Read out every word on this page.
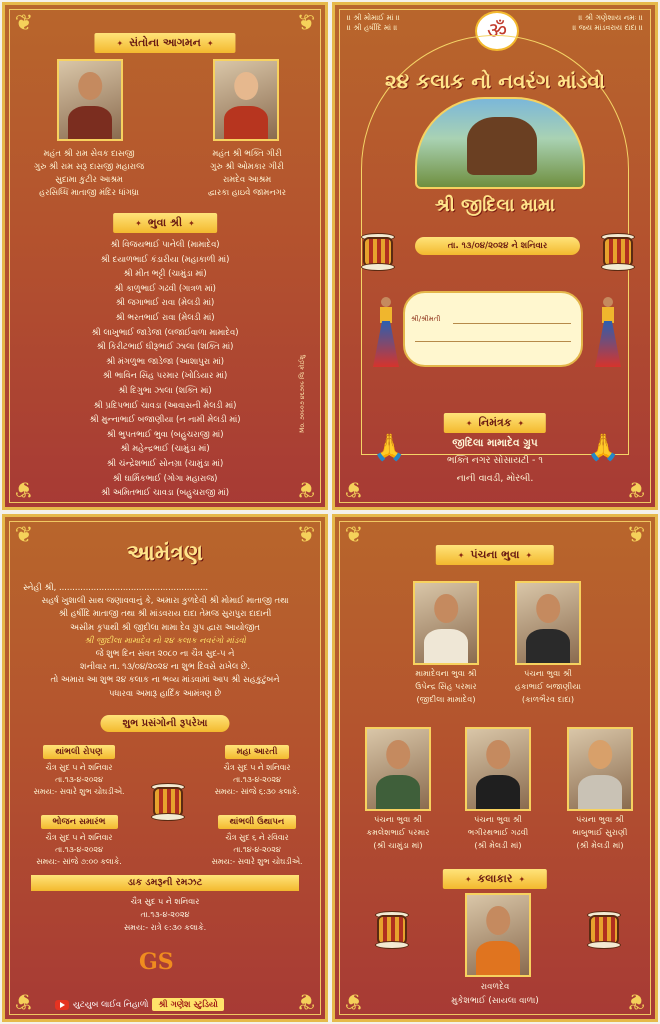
❦	❦
❦	❦
✦ સંતોના આગમન ✦
મહંત શ્રી રામ સેવક દાસજી
ગુરુ શ્રી રામ સરૂ દાસજી મહારાજ
સુદામા કુટીર આશ્રમ
હરસિધ્ધિ માતાજી મંદિર ધાંગધ્રા
મહંત શ્રી ભક્તિ ગીરી
ગુરુ શ્રી ઓમકાર ગીરી
રામદેવ આશ્રમ
દ્વારકા હાઇવે જામનગર
✦ ભુવા શ્રી ✦
શ્રી વિજયભાઈ પાનેલી (મામાદેવ)
શ્રી દયાળભાઈ કંડારીયા (મહાકાળી માં)
શ્રી મીત ભટ્ટી (ચામુંડા માં)
શ્રી કાળુભાઈ ગઢવી (ગાત્રળ માં)
શ્રી જગાભાઈ રાવા (મેલડી માં)
શ્રી ભરતભાઈ રાવા (મેલડી માં)
શ્રી લાખુભાઈ જાડેજા (લજાઈવાળા મામાદેવ)
શ્રી કિરીટભાઈ ઘીરૂભાઈ ઝાલા (શક્તિ માં)
શ્રી મંગળુભા જાડેજા (આશાપુરા માં)
શ્રી ભાવિન સિંહ પરમાર (ખોડિયાર માં)
શ્રી દિગુભા ઝાલા (શક્તિ માં)
શ્રી પ્રદિપભાઈ ચાવડા (આવાસની મેલડી માં)
શ્રી મુન્નાભાઈ બજાણીયા (ન નામી મેલડી માં)
શ્રી ભુપતભાઈ ભુવા (બહુચરાજી માં)
શ્રી મહેન્દ્રભાઈ (ચામુંડા માં)
શ્રી ચંન્દ્રેશભાઈ સોનગ્રા (ચામુંડા માં)
શ્રી ઘાર્મિકભાઈ (ગોગા મહારાજ)
શ્રી અમિતભાઈ ચાવડા (બહુચરાજી માં)
Mo. ૭૦૯૦૭ ૪૬૭૦૯ જિ કોઈશુ
❦	❦
॥ શ્રી મોમાઈ માં ॥
॥ શ્રી હર્ષીદિ માં ॥
॥ શ્રી ગણેશાય નમઃ ॥
॥ જય માંડવરાય દાદા ॥
ॐ
૨૪ કલાક નો નવરંગ માંડવો
શ્રી જીદિલા મામા
તા. ૧૩/૦૪/૨૦૨૪ ને શનિવાર
શ્રી/શ્રીમતી
✦ નિમંત્રક ✦
🙏	🙏
જીદિલા મામાદેવ ગ્રુપ
ભક્તિ નગર સોસાયટી - ૧
નાની વાવડી, મોરબી.
❦	❦
❦	❦
આમંત્રણ
સ્નેહી શ્રી, ........................................................
સહર્ષ ખુશાલી સાથ જણાવવાનું કે, અમારા કુળદેવી શ્રી મોમાઈ માતાજી તથા
શ્રી હર્ષીદિ માતાજી તથા શ્રી માંડવરાય દાદા તેમજ સુરાપુરા દાદાની
અસીમ કૃપાથી શ્રી જીદીલા મામા દેવ ગ્રુપ દ્વારા આયોજીત
શ્રી જીદીલા મામાદેવ નો ૨૪ કલાક નવરંગો માંડવો
જે શુભ દિન સંવત ૨૦૮૦ ના ચૈત્ર સુદ-૫ ને
શનીવાર તા. ૧૩/૦૪/૨૦૨૪ ના શુભ દિવસે રાખેલ છે.
તો અમારા આ શુભ ૨૪ કલાક ના ભવ્ય માંડવામાં આપ શ્રી સહકુટુંબને
પધારવા અમારૂ હાર્દિક આમંત્રણ છે
શુભ પ્રસંગોની રૂપરેખા
થાંભલી રોપણ
ચૈત્ર સુદ ૫ ને શનિવાર
તા.૧૩-૪-૨૦૨૪
સમય:- સવારે શુભ ચોઘડીએ.
મહા આરતી
ચૈત્ર સુદ ૫ ને શનિવાર
તા.૧૩-૪-૨૦૨૪
સમય:- સાંજે ૬:૩૦ કલાકે.
ભોજન સમારંભ
ચૈત્ર સુદ ૫ ને શનિવાર
તા.૧૩-૪-૨૦૨૪
સમય:- સાંજે ૭:૦૦ કલાકે.
થાંભલી ઉથાપન
ચૈત્ર સુદ ૬ ને રવિવાર
તા.૧૪-૪-૨૦૨૪
સમય:- સવારે શુભ ચોઘડીએ.
ડાક ડમરૂની રમઝટ
ચૈત્ર સુદ ૫ ને શનિવાર
તા.૧૩-૪-૨૦૨૪
સમય:- રાત્રે ૯:૩૦ કલાકે.
GS
યુટયુબ લાઈવ નિહાળો	શ્રી ગણેશ સ્ટુડિયો
❦	❦
❦	❦
✦ પંચના ભુવા ✦
મામાદેવના ભુવા શ્રી
ઉપેન્દ્ર સિંહ પરમાર
(જીદીલા મામાદેવ)
પંચના ભુવા શ્રી
હકાભાઈ બજાણીયા
(કાળભૈરવ દાદા)
પંચના ભુવા શ્રી
કમલેશભાઈ પરમાર
(શ્રી ચામુંડા માં)
પંચના ભુવા શ્રી
ભગીરથભાઈ ગઢવી
(શ્રી મેલડી માં)
પંચના ભુવા શ્રી
બાબુભાઈ સુરાણી
(શ્રી મેલડી માં)
✦ કલાકાર ✦
રાવળદેવ
મુકેશભાઈ (સાયલા વાળા)
